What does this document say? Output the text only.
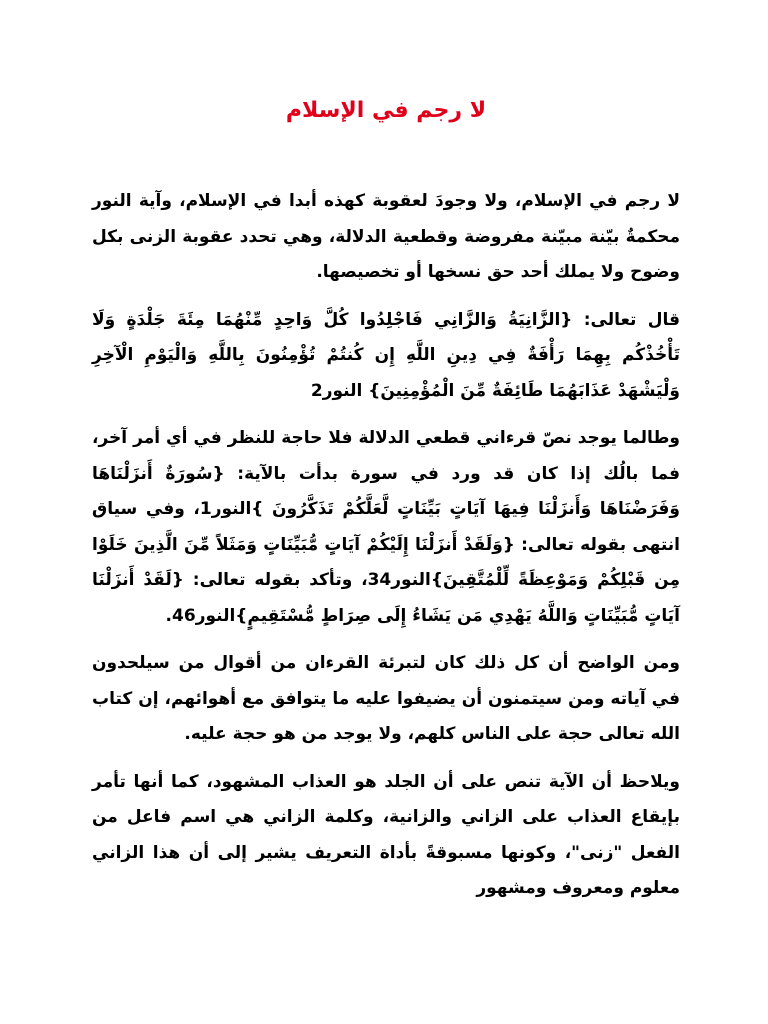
لا رجم في الإسلام

لا رجم في الإسلام، ولا وجودَ لعقوبة كهذه أبدا في الإسلام، وآية النور محكمةٌ بيّنة مبيّنة مفروضة وقطعية الدلالة، وهي تحدد عقوبة الزنى بكل وضوح ولا يملك أحد حق نسخها أو تخصيصها.

قال تعالى: {الزَّانِيَةُ وَالزَّانِي فَاجْلِدُوا كُلَّ وَاحِدٍ مِّنْهُمَا مِئَةَ جَلْدَةٍ وَلَا تَأْخُذْكُم بِهِمَا رَأْفَةٌ فِي دِينِ اللَّهِ إِن كُنتُمْ تُؤْمِنُونَ بِاللَّهِ وَالْيَوْمِ الْآخِرِ وَلْيَشْهَدْ عَذَابَهُمَا طَائِفَةٌ مِّنَ الْمُؤْمِنِينَ} النور2

وطالما يوجد نصّ قرءاني قطعي الدلالة فلا حاجة للنظر في أي أمر آخر، فما بالُك إذا كان قد ورد في سورة بدأت بالآية: {سُورَةٌ أَنزَلْنَاهَا وَفَرَضْنَاهَا وَأَنزَلْنَا فِيهَا آيَاتٍ بَيِّنَاتٍ لَّعَلَّكُمْ تَذَكَّرُونَ }النور1، وفي سياق انتهى بقوله تعالى: {وَلَقَدْ أَنزَلْنَا إِلَيْكُمْ آيَاتٍ مُّبَيِّنَاتٍ وَمَثَلاً مِّنَ الَّذِينَ خَلَوْا مِن قَبْلِكُمْ وَمَوْعِظَةً لِّلْمُتَّقِينَ}النور34، وتأكد بقوله تعالى: {لَقَدْ أَنزَلْنَا آيَاتٍ مُّبَيِّنَاتٍ وَاللَّهُ يَهْدِي مَن يَشَاءُ إِلَى صِرَاطٍ مُّسْتَقِيمٍ}النور46.

ومن الواضح أن كل ذلك كان لتبرئة القرءان من أقوال من سيلحدون في آياته ومن سيتمنون أن يضيفوا عليه ما يتوافق مع أهوائهم، إن كتاب الله تعالى حجة على الناس كلهم، ولا يوجد من هو حجة عليه.

ويلاحظ أن الآية تنص على أن الجلد هو العذاب المشهود، كما أنها تأمر بإيقاع العذاب على الزاني والزانية، وكلمة الزاني هي اسم فاعل من الفعل "زنى"، وكونها مسبوقةً بأداة التعريف يشير إلى أن هذا الزاني معلوم ومعروف ومشهور
